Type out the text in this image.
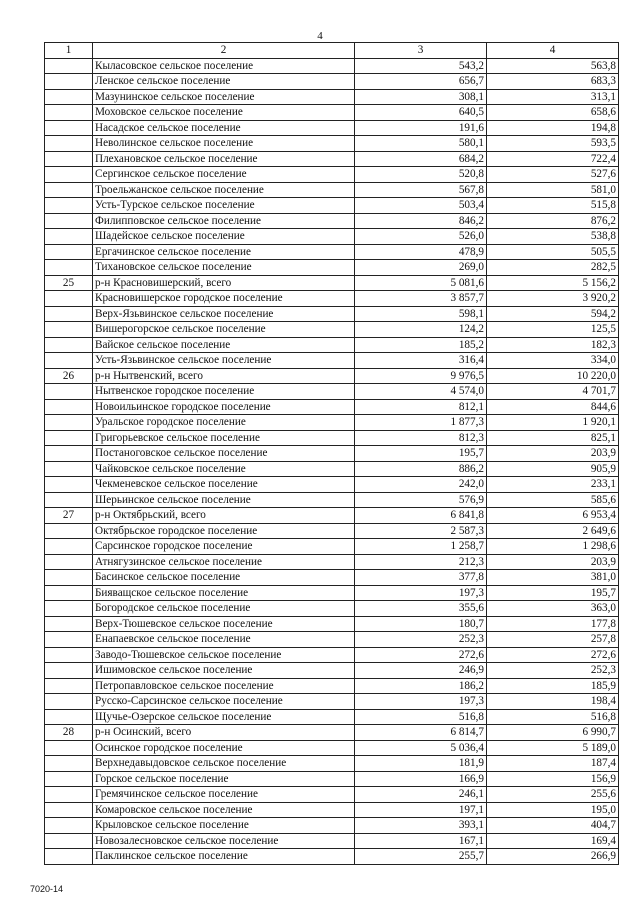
4
1	2	3	4
	Кыласовское сельское поселение	543,2	563,8
	Ленское сельское поселение	656,7	683,3
	Мазунинское сельское поселение	308,1	313,1
	Моховское сельское поселение	640,5	658,6
	Насадское сельское поселение	191,6	194,8
	Неволинское сельское поселение	580,1	593,5
	Плехановское сельское поселение	684,2	722,4
	Сергинское сельское поселение	520,8	527,6
	Троельжанское сельское поселение	567,8	581,0
	Усть-Турское сельское поселение	503,4	515,8
	Филипповское сельское поселение	846,2	876,2
	Шадейское сельское поселение	526,0	538,8
	Ергачинское сельское поселение	478,9	505,5
	Тихановское сельское поселение	269,0	282,5
25	р-н Красновишерский, всего	5 081,6	5 156,2
	Красновишерское городское поселение	3 857,7	3 920,2
	Верх-Язьвинское сельское поселение	598,1	594,2
	Вишерогорское сельское поселение	124,2	125,5
	Вайское сельское поселение	185,2	182,3
	Усть-Язьвинское сельское поселение	316,4	334,0
26	р-н Нытвенский, всего	9 976,5	10 220,0
	Нытвенское городское поселение	4 574,0	4 701,7
	Новоильинское городское поселение	812,1	844,6
	Уральское городское поселение	1 877,3	1 920,1
	Григорьевское сельское поселение	812,3	825,1
	Постаноговское сельское поселение	195,7	203,9
	Чайковское сельское поселение	886,2	905,9
	Чекменевское сельское поселение	242,0	233,1
	Шерьинское сельское поселение	576,9	585,6
27	р-н Октябрьский, всего	6 841,8	6 953,4
	Октябрьское городское поселение	2 587,3	2 649,6
	Сарсинское городское поселение	1 258,7	1 298,6
	Атнягузинское сельское поселение	212,3	203,9
	Басинское сельское поселение	377,8	381,0
	Бияващское сельское поселение	197,3	195,7
	Богородское сельское поселение	355,6	363,0
	Верх-Тюшевское сельское поселение	180,7	177,8
	Енапаевское сельское поселение	252,3	257,8
	Заводо-Тюшевское сельское поселение	272,6	272,6
	Ишимовское сельское поселение	246,9	252,3
	Петропавловское сельское поселение	186,2	185,9
	Русско-Сарсинское сельское поселение	197,3	198,4
	Щучье-Озерское сельское поселение	516,8	516,8
28	р-н Осинский, всего	6 814,7	6 990,7
	Осинское городское поселение	5 036,4	5 189,0
	Верхнедавыдовское сельское поселение	181,9	187,4
	Горское сельское поселение	166,9	156,9
	Гремячинское сельское поселение	246,1	255,6
	Комаровское сельское поселение	197,1	195,0
	Крыловское сельское поселение	393,1	404,7
	Новозалесновское сельское поселение	167,1	169,4
	Паклинское сельское поселение	255,7	266,9
7020-14
